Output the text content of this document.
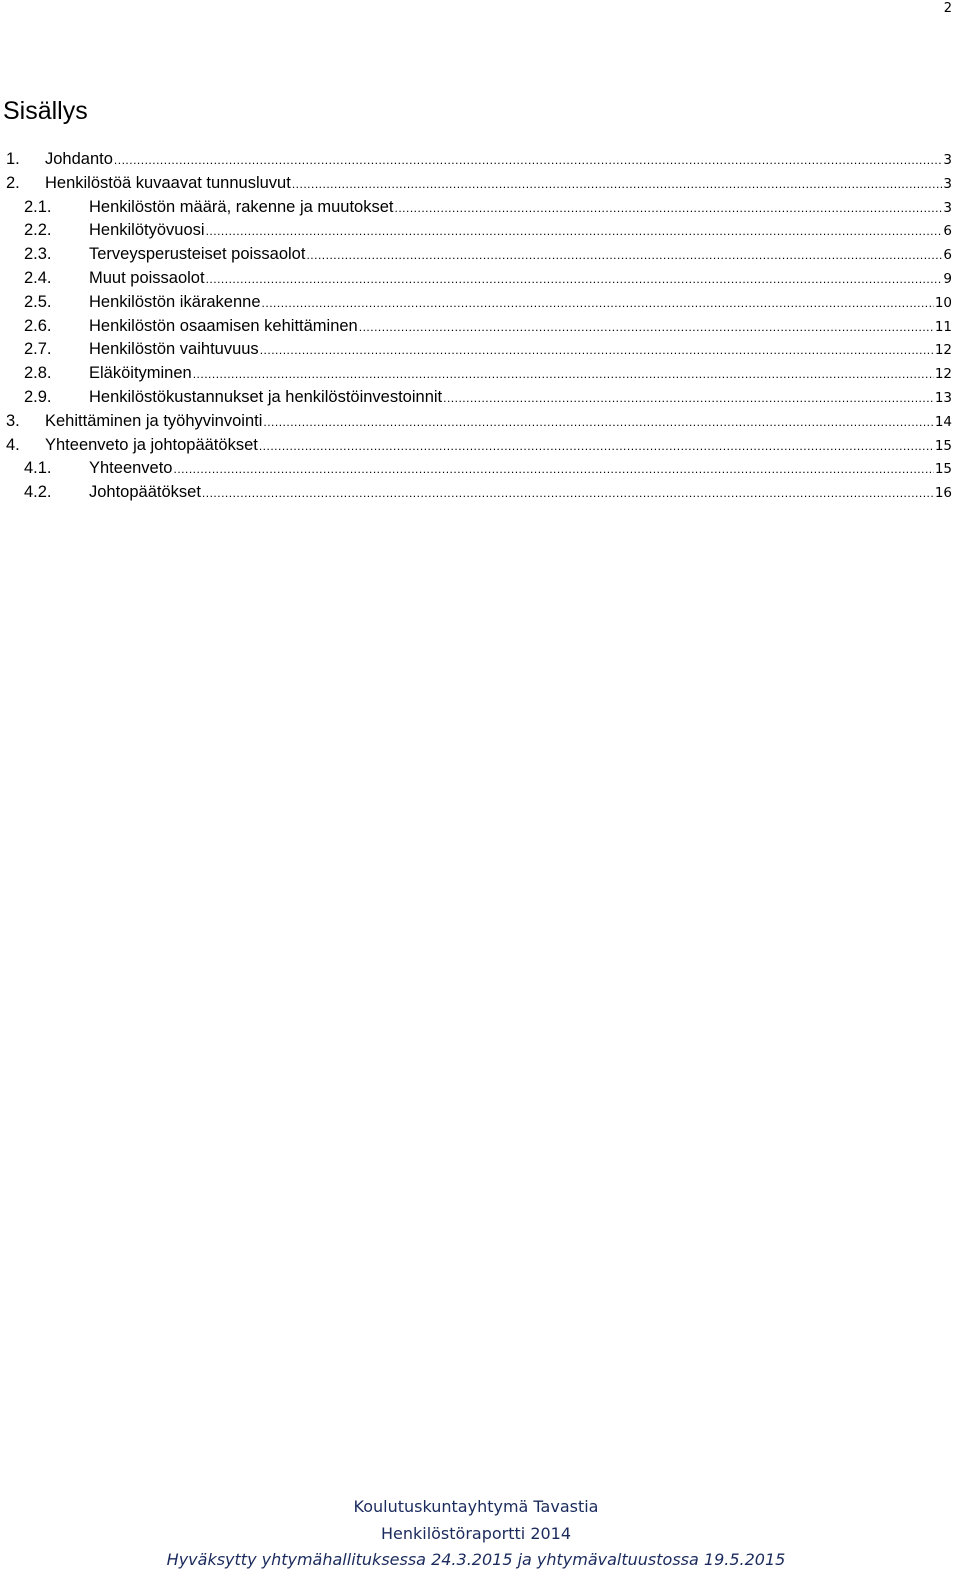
2
Sisällys
1.	Johdanto .....	3
2.	Henkilöstöä kuvaavat tunnusluvut .....	3
2.1.	Henkilöstön määrä, rakenne ja muutokset .....	3
2.2.	Henkilötyövuosi .....	6
2.3.	Terveysperusteiset poissaolot .....	6
2.4.	Muut poissaolot .....	9
2.5.	Henkilöstön ikärakenne .....	10
2.6.	Henkilöstön osaamisen kehittäminen .....	11
2.7.	Henkilöstön vaihtuvuus .....	12
2.8.	Eläköityminen .....	12
2.9.	Henkilöstökustannukset ja henkilöstöinvestoinnit .....	13
3.	Kehittäminen ja työhyvinvointi .....	14
4.	Yhteenveto ja johtopäätökset .....	15
4.1.	Yhteenveto .....	15
4.2.	Johtopäätökset .....	16
Koulutuskuntayhtymä Tavastia
Henkilöstöraportti 2014
Hyväksytty yhtymähallituksessa 24.3.2015 ja yhtymävaltuustossa 19.5.2015
